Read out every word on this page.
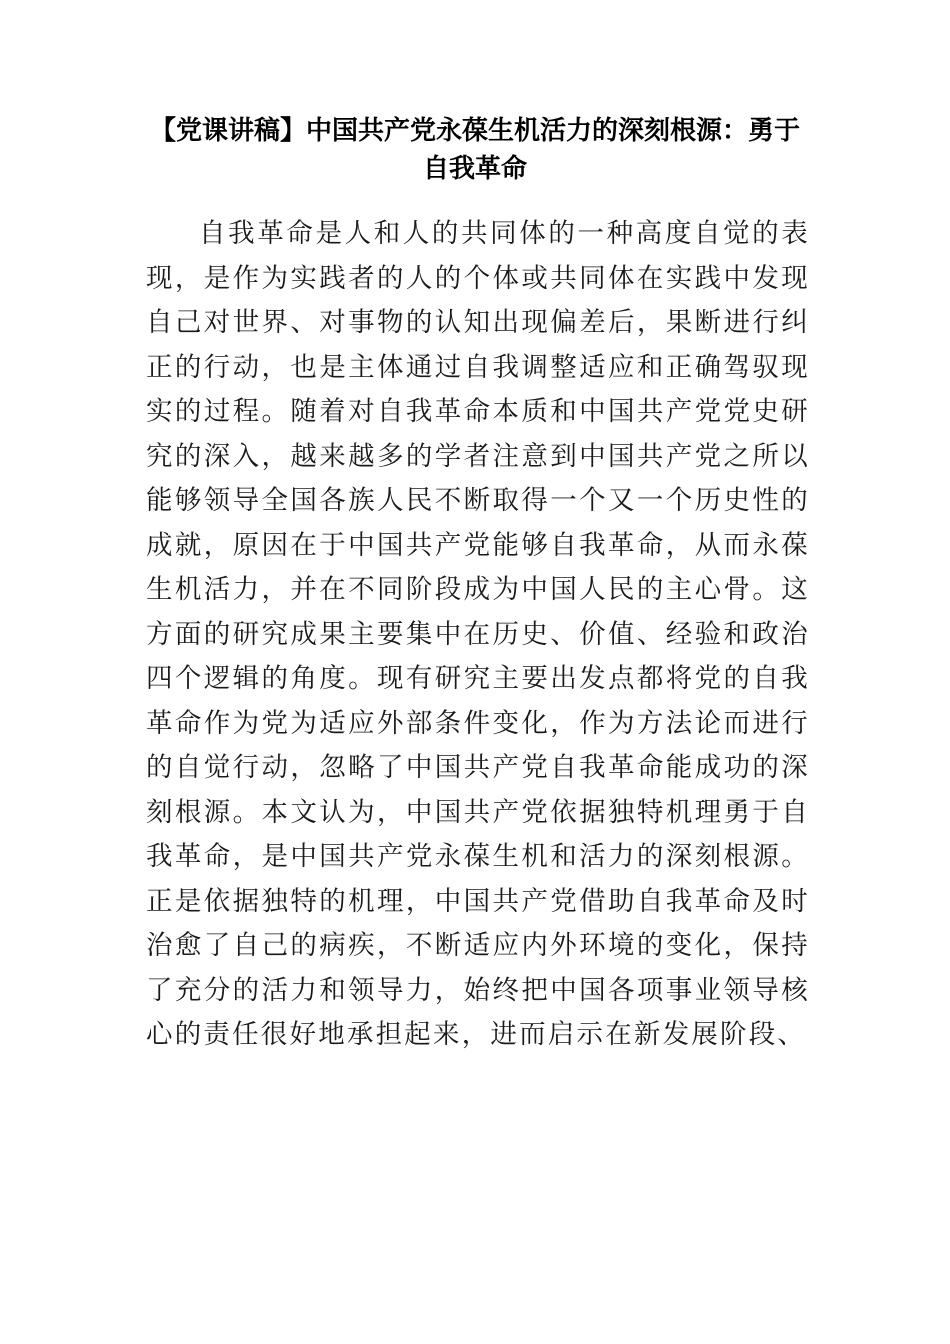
【党课讲稿】中国共产党永葆生机活力的深刻根源：勇于自我革命

自我革命是人和人的共同体的一种高度自觉的表现，是作为实践者的人的个体或共同体在实践中发现自己对世界、对事物的认知出现偏差后，果断进行纠正的行动，也是主体通过自我调整适应和正确驾驭现实的过程。随着对自我革命本质和中国共产党党史研究的深入，越来越多的学者注意到中国共产党之所以能够领导全国各族人民不断取得一个又一个历史性的成就，原因在于中国共产党能够自我革命，从而永葆生机活力，并在不同阶段成为中国人民的主心骨。这方面的研究成果主要集中在历史、价值、经验和政治四个逻辑的角度。现有研究主要出发点都将党的自我革命作为党为适应外部条件变化，作为方法论而进行的自觉行动，忽略了中国共产党自我革命能成功的深刻根源。本文认为，中国共产党依据独特机理勇于自我革命，是中国共产党永葆生机和活力的深刻根源。正是依据独特的机理，中国共产党借助自我革命及时治愈了自己的病疾，不断适应内外环境的变化，保持了充分的活力和领导力，始终把中国各项事业领导核心的责任很好地承担起来，进而启示在新发展阶段、
